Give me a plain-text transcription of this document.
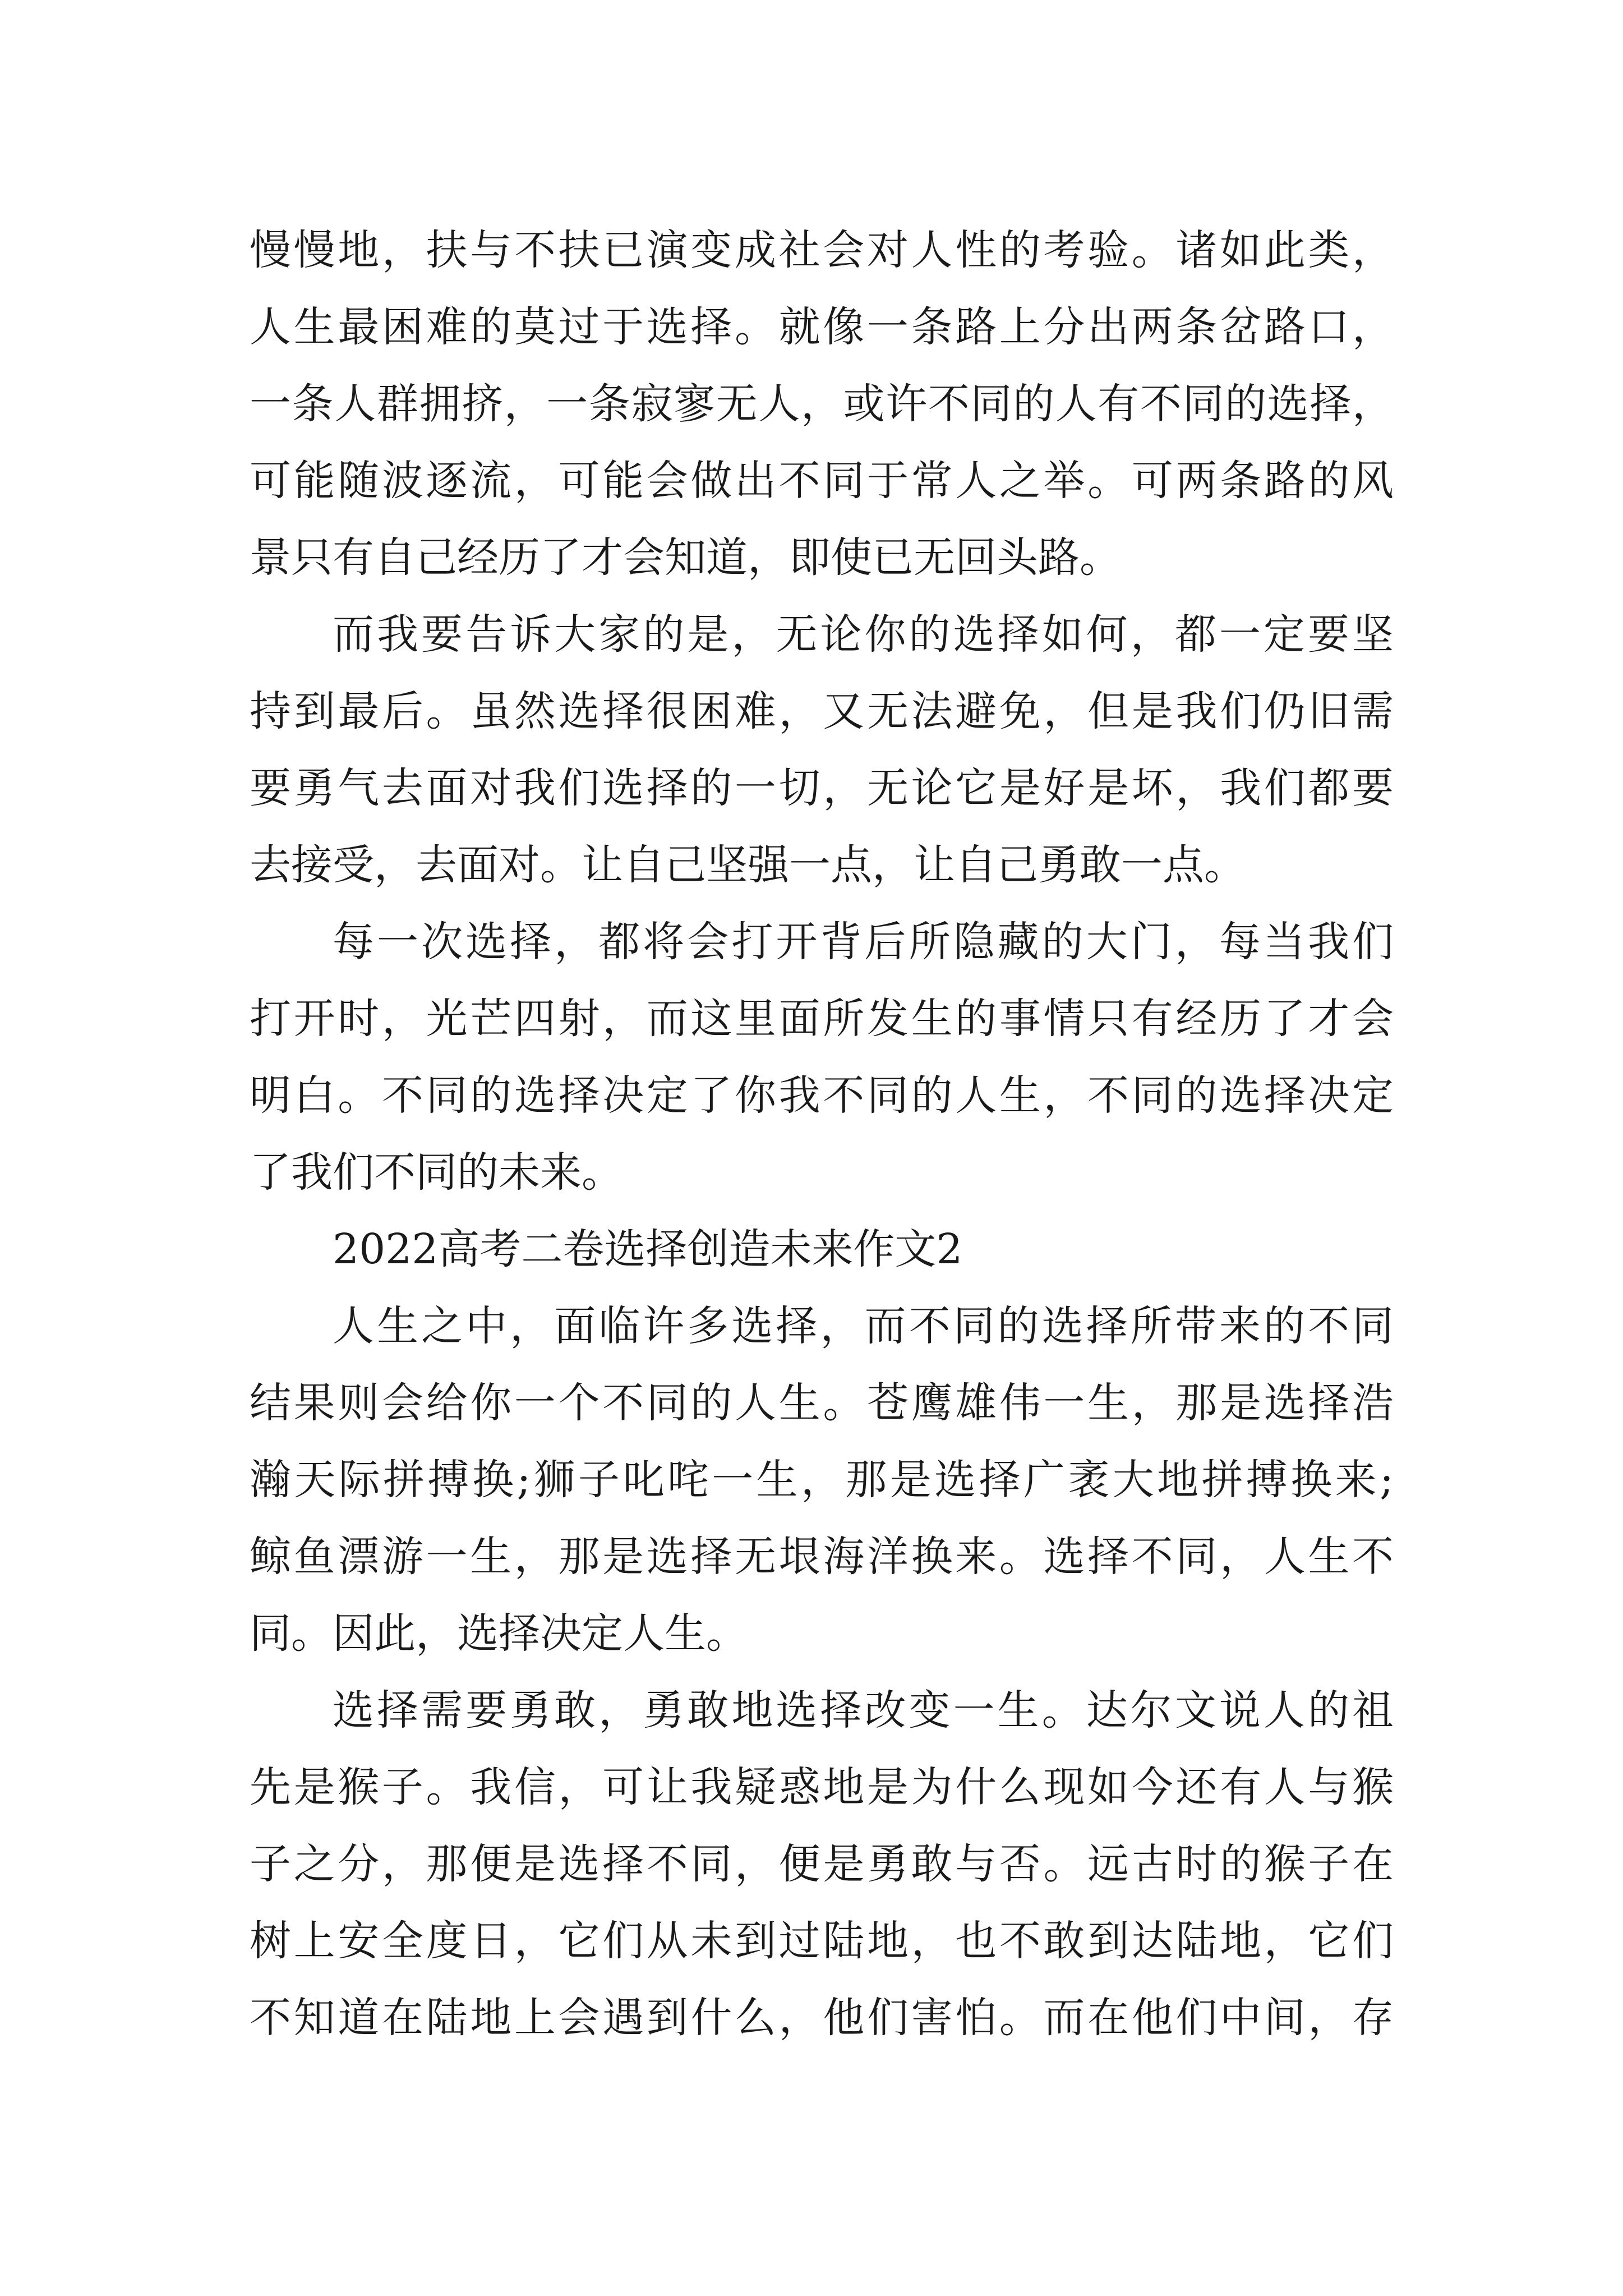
慢慢地，扶与不扶已演变成社会对人性的考验。诸如此类，
人生最困难的莫过于选择。就像一条路上分出两条岔路口，
一条人群拥挤，一条寂寥无人，或许不同的人有不同的选择，
可能随波逐流，可能会做出不同于常人之举。可两条路的风
景只有自己经历了才会知道，即使已无回头路。
而我要告诉大家的是，无论你的选择如何，都一定要坚
持到最后。虽然选择很困难，又无法避免，但是我们仍旧需
要勇气去面对我们选择的一切，无论它是好是坏，我们都要
去接受，去面对。让自己坚强一点，让自己勇敢一点。
每一次选择，都将会打开背后所隐藏的大门，每当我们
打开时，光芒四射，而这里面所发生的事情只有经历了才会
明白。不同的选择决定了你我不同的人生，不同的选择决定
了我们不同的未来。
2022高考二卷选择创造未来作文2
人生之中，面临许多选择，而不同的选择所带来的不同
结果则会给你一个不同的人生。苍鹰雄伟一生，那是选择浩
瀚天际拼搏换;狮子叱咤一生，那是选择广袤大地拼搏换来;
鲸鱼漂游一生，那是选择无垠海洋换来。选择不同，人生不
同。因此，选择决定人生。
选择需要勇敢，勇敢地选择改变一生。达尔文说人的祖
先是猴子。我信，可让我疑惑地是为什么现如今还有人与猴
子之分，那便是选择不同，便是勇敢与否。远古时的猴子在
树上安全度日，它们从未到过陆地，也不敢到达陆地，它们
不知道在陆地上会遇到什么，他们害怕。而在他们中间，存
